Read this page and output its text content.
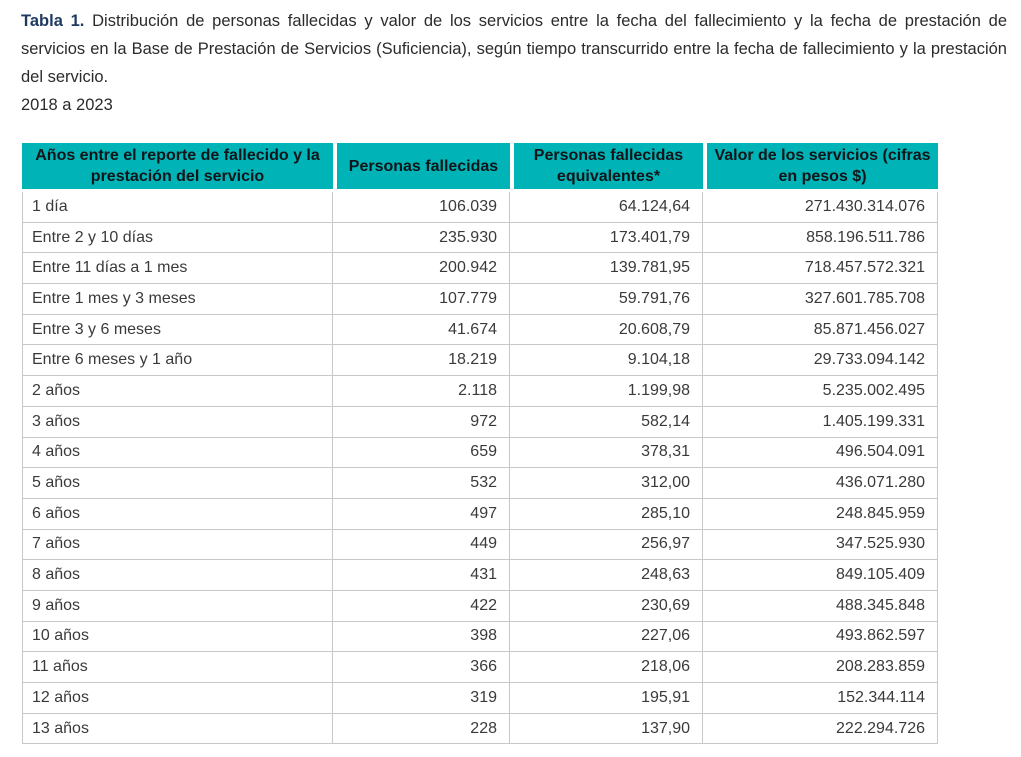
Tabla 1. Distribución de personas fallecidas y valor de los servicios entre la fecha del fallecimiento y la fecha de prestación de servicios en la Base de Prestación de Servicios (Suficiencia), según tiempo transcurrido entre la fecha de fallecimiento y la prestación del servicio.
2018 a 2023

Años entre el reporte de fallecido y la prestación del servicio	Personas fallecidas	Personas fallecidas equivalentes*	Valor de los servicios (cifras en pesos $)
1 día	106.039	64.124,64	271.430.314.076
Entre 2 y 10 días	235.930	173.401,79	858.196.511.786
Entre 11 días a 1 mes	200.942	139.781,95	718.457.572.321
Entre 1 mes y 3 meses	107.779	59.791,76	327.601.785.708
Entre 3 y 6 meses	41.674	20.608,79	85.871.456.027
Entre 6 meses y 1 año	18.219	9.104,18	29.733.094.142
2 años	2.118	1.199,98	5.235.002.495
3 años	972	582,14	1.405.199.331
4 años	659	378,31	496.504.091
5 años	532	312,00	436.071.280
6 años	497	285,10	248.845.959
7 años	449	256,97	347.525.930
8 años	431	248,63	849.105.409
9 años	422	230,69	488.345.848
10 años	398	227,06	493.862.597
11 años	366	218,06	208.283.859
12 años	319	195,91	152.344.114
13 años	228	137,90	222.294.726
